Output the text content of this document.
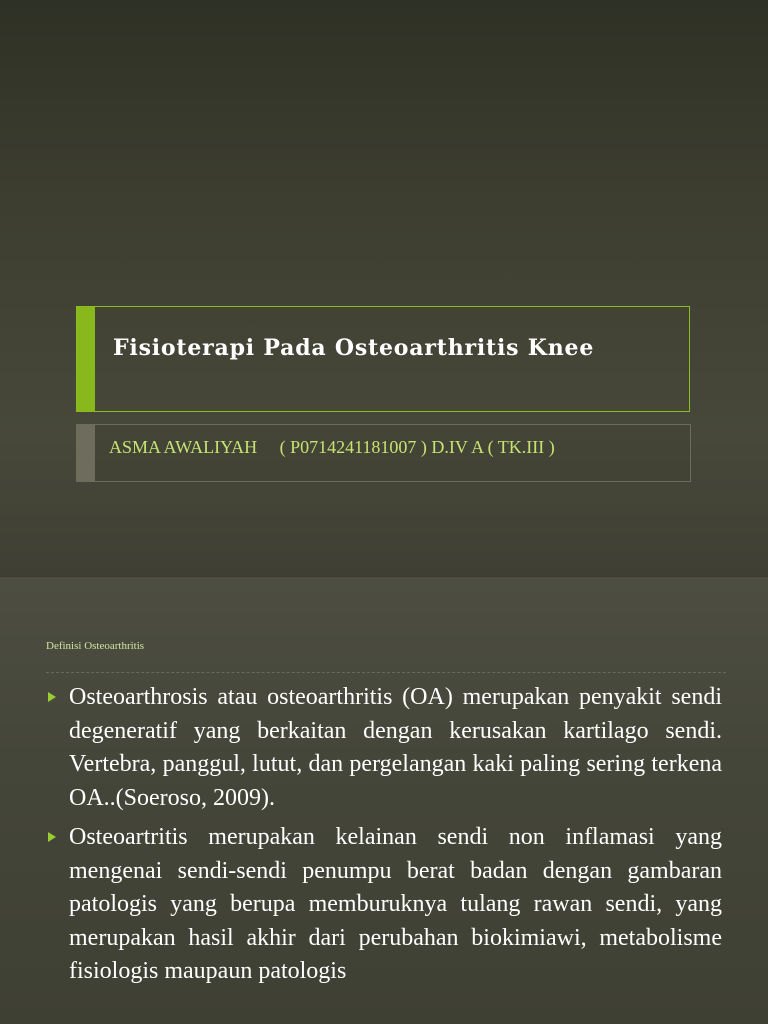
Fisioterapi Pada Osteoarthritis Knee
ASMA AWALIYAH     ( P0714241181007 ) D.IV A ( TK.III )
Definisi Osteoarthritis
Osteoarthrosis atau osteoarthritis (OA) merupakan penyakit sendi degeneratif yang berkaitan dengan kerusakan kartilago sendi. Vertebra, panggul, lutut, dan pergelangan kaki paling sering terkena OA..(Soeroso, 2009).
Osteoartritis merupakan kelainan sendi non inflamasi yang mengenai sendi-sendi penumpu berat badan dengan gambaran patologis yang berupa memburuknya tulang rawan sendi, yang merupakan hasil akhir dari perubahan biokimiawi, metabolisme fisiologis maupaun patologis
